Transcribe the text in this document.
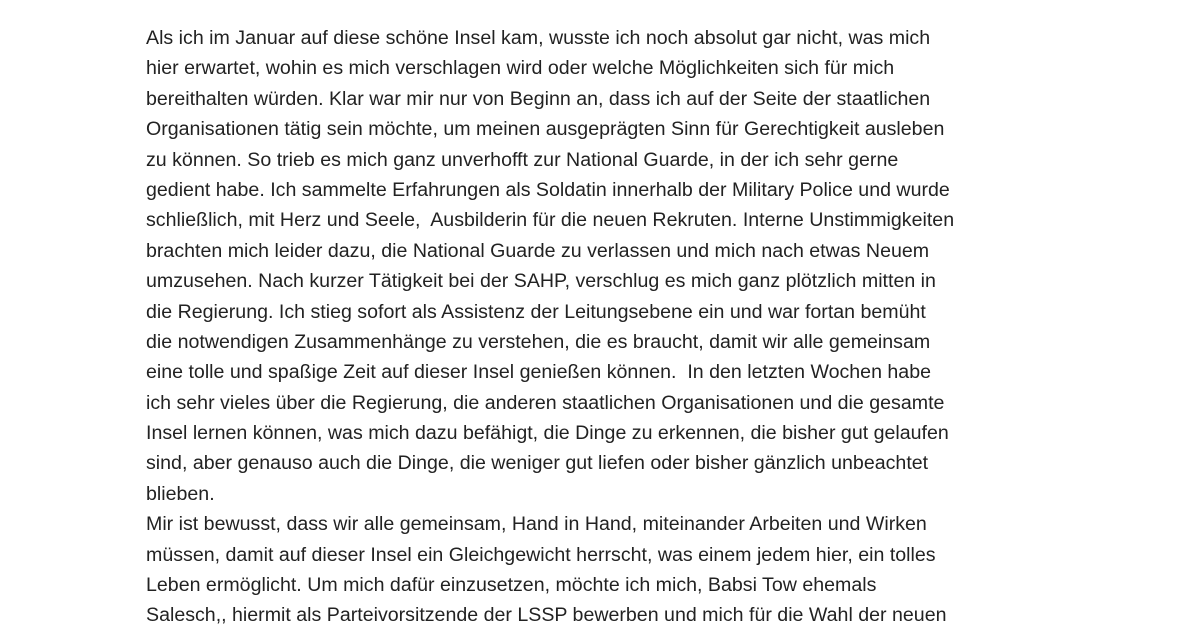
Als ich im Januar auf diese schöne Insel kam, wusste ich noch absolut gar nicht, was mich
hier erwartet, wohin es mich verschlagen wird oder welche Möglichkeiten sich für mich
bereithalten würden. Klar war mir nur von Beginn an, dass ich auf der Seite der staatlichen
Organisationen tätig sein möchte, um meinen ausgeprägten Sinn für Gerechtigkeit ausleben
zu können. So trieb es mich ganz unverhofft zur National Guarde, in der ich sehr gerne
gedient habe. Ich sammelte Erfahrungen als Soldatin innerhalb der Military Police und wurde
schließlich, mit Herz und Seele,  Ausbilderin für die neuen Rekruten. Interne Unstimmigkeiten
brachten mich leider dazu, die National Guarde zu verlassen und mich nach etwas Neuem
umzusehen. Nach kurzer Tätigkeit bei der SAHP, verschlug es mich ganz plötzlich mitten in
die Regierung. Ich stieg sofort als Assistenz der Leitungsebene ein und war fortan bemüht
die notwendigen Zusammenhänge zu verstehen, die es braucht, damit wir alle gemeinsam
eine tolle und spaßige Zeit auf dieser Insel genießen können.  In den letzten Wochen habe
ich sehr vieles über die Regierung, die anderen staatlichen Organisationen und die gesamte
Insel lernen können, was mich dazu befähigt, die Dinge zu erkennen, die bisher gut gelaufen
sind, aber genauso auch die Dinge, die weniger gut liefen oder bisher gänzlich unbeachtet
blieben.
Mir ist bewusst, dass wir alle gemeinsam, Hand in Hand, miteinander Arbeiten und Wirken
müssen, damit auf dieser Insel ein Gleichgewicht herrscht, was einem jedem hier, ein tolles
Leben ermöglicht. Um mich dafür einzusetzen, möchte ich mich, Babsi Tow ehemals
Salesch,, hiermit als Parteivorsitzende der LSSP bewerben und mich für die Wahl der neuen
